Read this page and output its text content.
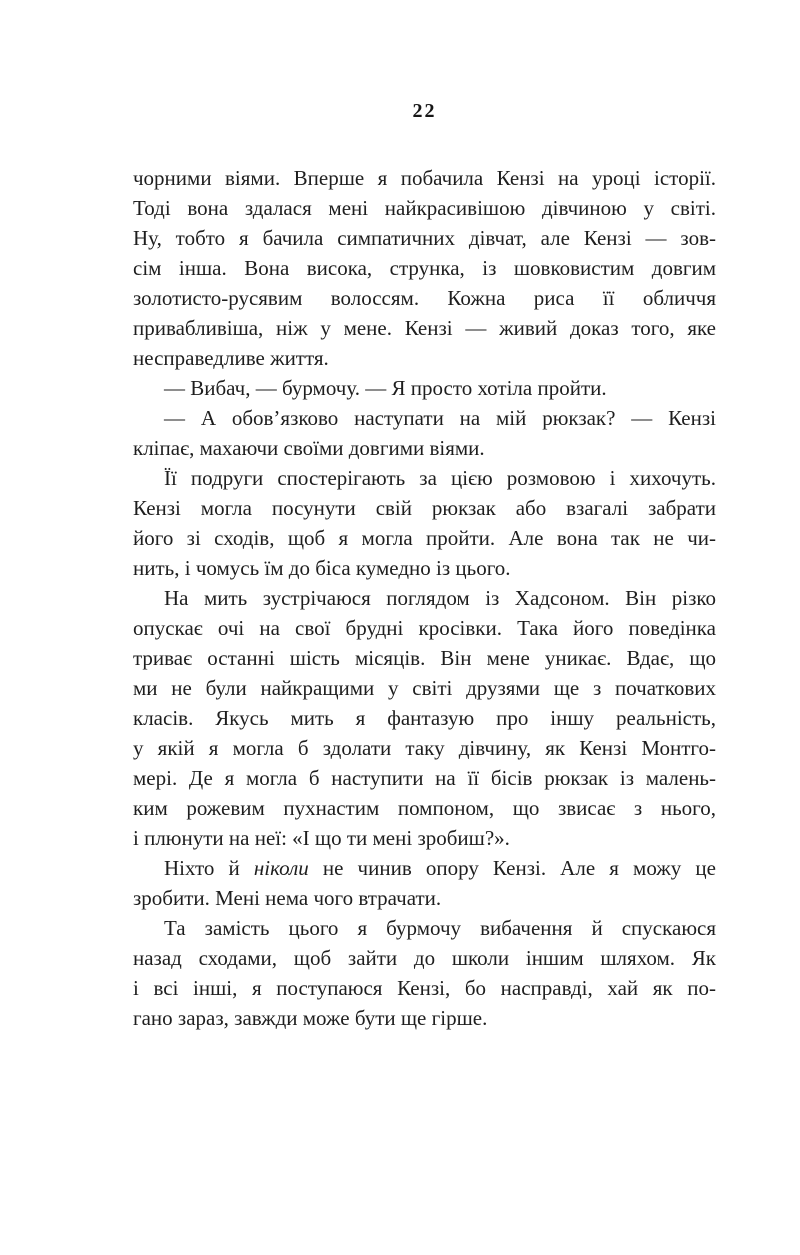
22
чорними віями. Вперше я побачила Кензі на уроці історії.
Тоді вона здалася мені найкрасивішою дівчиною у світі.
Ну, тобто я бачила симпатичних дівчат, але Кензі — зов-
сім інша. Вона висока, струнка, із шовковистим довгим
золотисто-русявим волоссям. Кожна риса її обличчя
привабливіша, ніж у мене. Кензі — живий доказ того, яке
несправедливе життя.
— Вибач, — бурмочу. — Я просто хотіла пройти.
— А обов’язково наступати на мій рюкзак? — Кензі
кліпає, махаючи своїми довгими віями.
Її подруги спостерігають за цією розмовою і хихочуть.
Кензі могла посунути свій рюкзак або взагалі забрати
його зі сходів, щоб я могла пройти. Але вона так не чи-
нить, і чомусь їм до біса кумедно із цього.
На мить зустрічаюся поглядом із Хадсоном. Він різко
опускає очі на свої брудні кросівки. Така його поведінка
триває останні шість місяців. Він мене уникає. Вдає, що
ми не були найкращими у світі друзями ще з початкових
класів. Якусь мить я фантазую про іншу реальність,
у якій я могла б здолати таку дівчину, як Кензі Монтго-
мері. Де я могла б наступити на її бісів рюкзак із малень-
ким рожевим пухнастим помпоном, що звисає з нього,
і плюнути на неї: «І що ти мені зробиш?».
Ніхто й ніколи не чинив опору Кензі. Але я можу це
зробити. Мені нема чого втрачати.
Та замість цього я бурмочу вибачення й спускаюся
назад сходами, щоб зайти до школи іншим шляхом. Як
і всі інші, я поступаюся Кензі, бо насправді, хай як по-
гано зараз, завжди може бути ще гірше.
